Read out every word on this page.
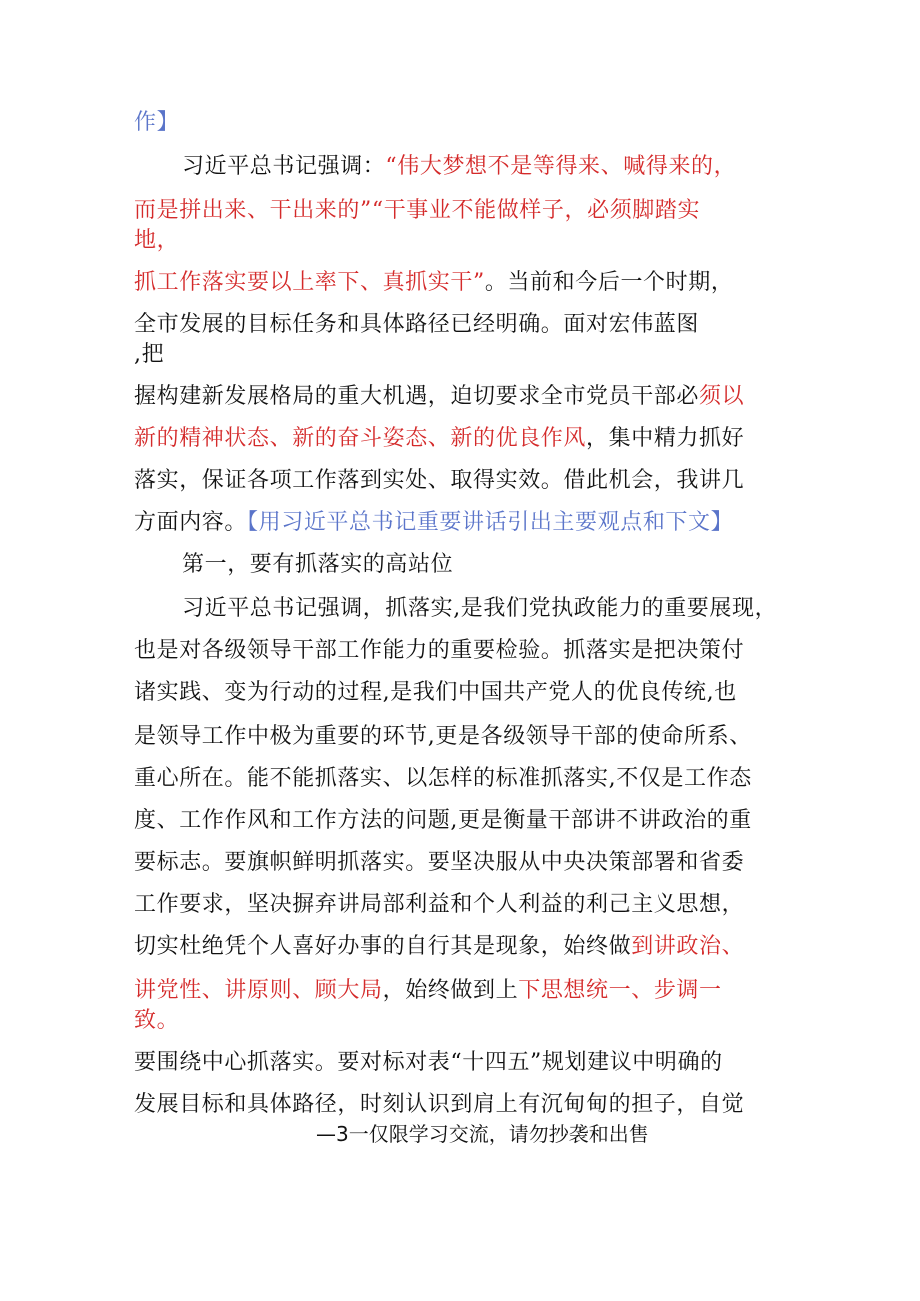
作】
习近平总书记强调：“伟大梦想不是等得来、喊得来的，
而是拼出来、干出来的”“干事业不能做样子，必须脚踏实
地，
抓工作落实要以上率下、真抓实干”。当前和今后一个时期，
全市发展的目标任务和具体路径已经明确。面对宏伟蓝图
,把
握构建新发展格局的重大机遇，迫切要求全市党员干部必须以
新的精神状态、新的奋斗姿态、新的优良作风，集中精力抓好
落实，保证各项工作落到实处、取得实效。借此机会，我讲几
方面内容。【用习近平总书记重要讲话引出主要观点和下文】
第一，要有抓落实的高站位
习近平总书记强调，抓落实,是我们党执政能力的重要展现，
也是对各级领导干部工作能力的重要检验。抓落实是把决策付
诸实践、变为行动的过程,是我们中国共产党人的优良传统,也
是领导工作中极为重要的环节,更是各级领导干部的使命所系、
重心所在。能不能抓落实、以怎样的标准抓落实,不仅是工作态
度、工作作风和工作方法的问题,更是衡量干部讲不讲政治的重
要标志。要旗帜鲜明抓落实。要坚决服从中央决策部署和省委
工作要求，坚决摒弃讲局部利益和个人利益的利己主义思想，
切实杜绝凭个人喜好办事的自行其是现象，始终做到讲政治、
讲党性、讲原则、顾大局，始终做到上下思想统一、步调一
致。
要围绕中心抓落实。要对标对表“十四五”规划建议中明确的
发展目标和具体路径，时刻认识到肩上有沉甸甸的担子，自觉
—3一仅限学习交流，请勿抄袭和出售
